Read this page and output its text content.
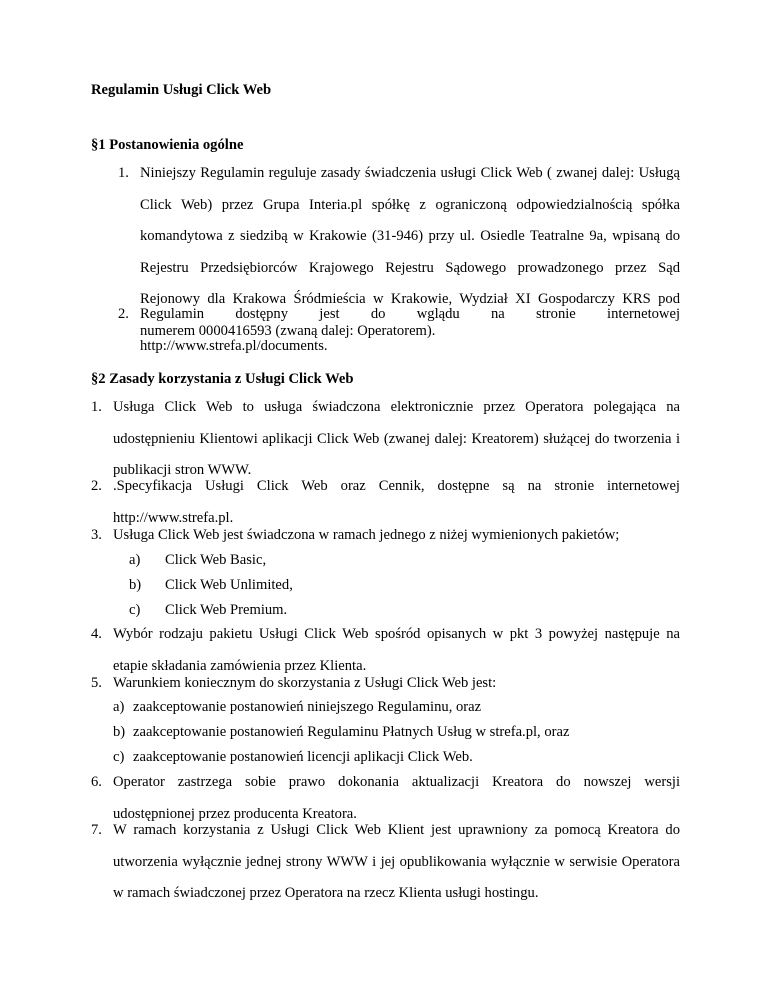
Regulamin Usługi Click Web

§1 Postanowienia ogólne

1. Niniejszy Regulamin reguluje zasady świadczenia usługi Click Web ( zwanej dalej: Usługą Click Web) przez Grupa Interia.pl spółkę z ograniczoną odpowiedzialnością spółka komandytowa z siedzibą w Krakowie (31-946) przy ul. Osiedle Teatralne 9a, wpisaną do Rejestru Przedsiębiorców Krajowego Rejestru Sądowego prowadzonego przez Sąd Rejonowy dla Krakowa Śródmieścia w Krakowie, Wydział XI Gospodarczy KRS pod numerem 0000416593 (zwaną dalej: Operatorem).
2. Regulamin dostępny jest do wglądu na stronie internetowej
http://www.strefa.pl/documents.

§2 Zasady korzystania z Usługi Click Web

1. Usługa Click Web to usługa świadczona elektronicznie przez Operatora polegająca na udostępnieniu Klientowi aplikacji Click Web (zwanej dalej: Kreatorem) służącej do tworzenia i publikacji stron WWW.
2. .Specyfikacja Usługi Click Web oraz Cennik, dostępne są na stronie internetowej http://www.strefa.pl.
3. Usługa Click Web jest świadczona w ramach jednego z niżej wymienionych pakietów;
a) Click Web Basic,
b) Click Web Unlimited,
c) Click Web Premium.
4. Wybór rodzaju pakietu Usługi Click Web spośród opisanych w pkt 3 powyżej następuje na etapie składania zamówienia przez Klienta.
5. Warunkiem koniecznym do skorzystania z Usługi Click Web jest:
a) zaakceptowanie postanowień niniejszego Regulaminu, oraz
b) zaakceptowanie postanowień Regulaminu Płatnych Usług w strefa.pl, oraz
c) zaakceptowanie postanowień licencji aplikacji Click Web.
6. Operator zastrzega sobie prawo dokonania aktualizacji Kreatora do nowszej wersji udostępnionej przez producenta Kreatora.
7. W ramach korzystania z Usługi Click Web Klient jest uprawniony za pomocą Kreatora do utworzenia wyłącznie jednej strony WWW i jej opublikowania wyłącznie w serwisie Operatora w ramach świadczonej przez Operatora na rzecz Klienta usługi hostingu.
